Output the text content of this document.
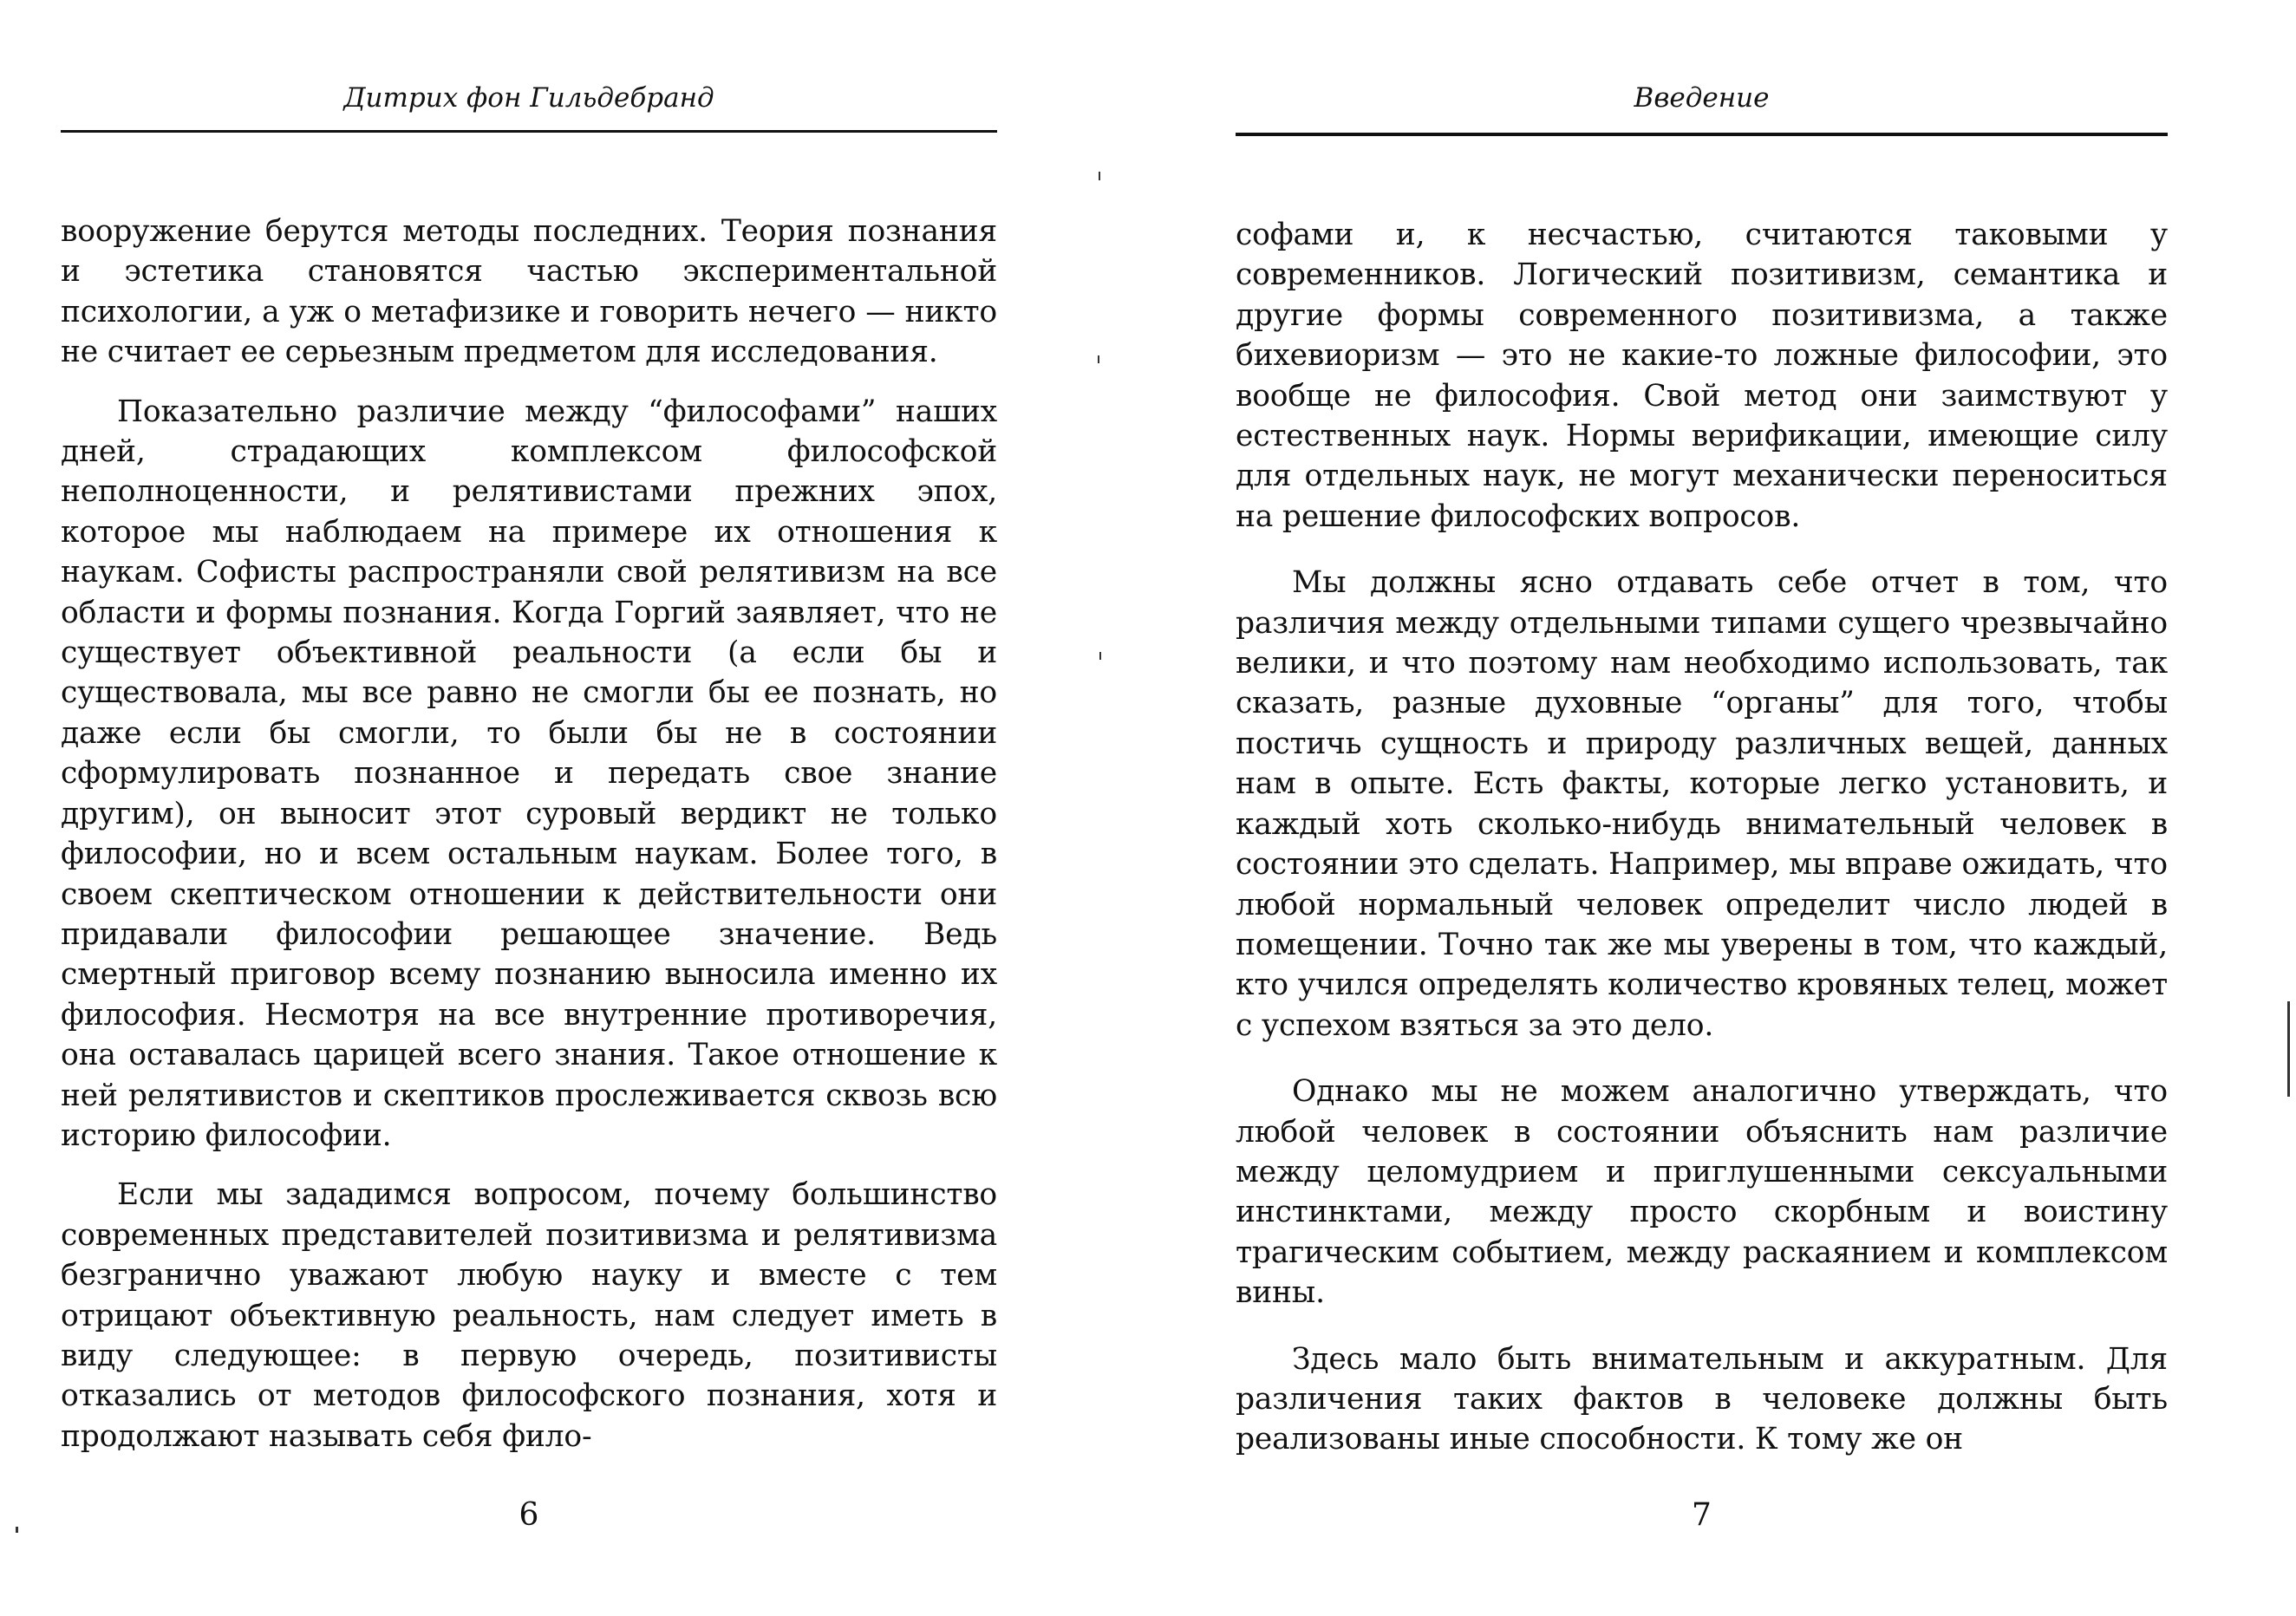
Дитрих фон Гильдебранд

вооружение берутся методы последних. Теория познания и эстетика становятся частью экспериментальной психологии, а уж о метафизике и говорить нечего — никто не считает ее серьезным предметом для исследования.

Показательно различие между “философами” наших дней, страдающих комплексом философской неполноценности, и релятивистами прежних эпох, которое мы наблюдаем на примере их отношения к наукам. Софисты распространяли свой релятивизм на все области и формы познания. Когда Горгий заявляет, что не существует объективной реальности (а если бы и существовала, мы все равно не смогли бы ее познать, но даже если бы смогли, то были бы не в состоянии сформулировать познанное и передать свое знание другим), он выносит этот суровый вердикт не только философии, но и всем остальным наукам. Более того, в своем скептическом отношении к действительности они придавали философии решающее значение. Ведь смертный приговор всему познанию выносила именно их философия. Несмотря на все внутренние противоречия, она оставалась царицей всего знания. Такое отношение к ней релятивистов и скептиков прослеживается сквозь всю историю философии.

Если мы зададимся вопросом, почему большинство современных представителей позитивизма и релятивизма безгранично уважают любую науку и вместе с тем отрицают объективную реальность, нам следует иметь в виду следующее: в первую очередь, позитивисты отказались от методов философского познания, хотя и продолжают называть себя фило-

6
Введение

софами и, к несчастью, считаются таковыми у современников. Логический позитивизм, семантика и другие формы современного позитивизма, а также бихевиоризм — это не какие-то ложные философии, это вообще не философия. Свой метод они заимствуют у естественных наук. Нормы верификации, имеющие силу для отдельных наук, не могут механически переноситься на решение философских вопросов.

Мы должны ясно отдавать себе отчет в том, что различия между отдельными типами сущего чрезвычайно велики, и что поэтому нам необходимо использовать, так сказать, разные духовные “органы” для того, чтобы постичь сущность и природу различных вещей, данных нам в опыте. Есть факты, которые легко установить, и каждый хоть сколько-нибудь внимательный человек в состоянии это сделать. Например, мы вправе ожидать, что любой нормальный человек определит число людей в помещении. Точно так же мы уверены в том, что каждый, кто учился определять количество кровяных телец, может с успехом взяться за это дело.

Однако мы не можем аналогично утверждать, что любой человек в состоянии объяснить нам различие между целомудрием и приглушенными сексуальными инстинктами, между просто скорбным и воистину трагическим событием, между раскаянием и комплексом вины.

Здесь мало быть внимательным и аккуратным. Для различения таких фактов в человеке должны быть реализованы иные способности. К тому же он

7
